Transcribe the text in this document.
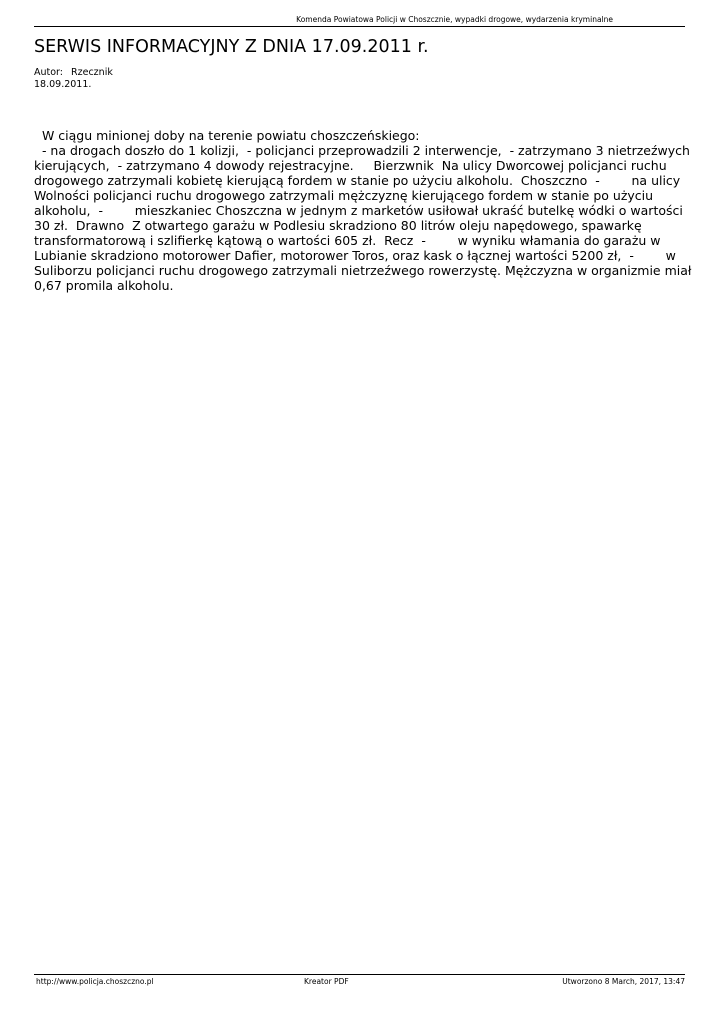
Komenda Powiatowa Policji w Choszcznie, wypadki drogowe, wydarzenia kryminalne
SERWIS INFORMACYJNY Z DNIA 17.09.2011 r.
Autor: Rzecznik
18.09.2011.
W ciągu minionej doby na terenie powiatu choszczeńskiego:
- na drogach doszło do 1 kolizji,  - policjanci przeprowadzili 2 interwencje,  - zatrzymano 3 nietrzeźwych
kierujących,  - zatrzymano 4 dowody rejestracyjne.     Bierzwnik  Na ulicy Dworcowej policjanci ruchu
drogowego zatrzymali kobietę kierującą fordem w stanie po użyciu alkoholu.  Choszczno  -        na ulicy
Wolności policjanci ruchu drogowego zatrzymali mężczyznę kierującego fordem w stanie po użyciu
alkoholu,  -        mieszkaniec Choszczna w jednym z marketów usiłował ukraść butelkę wódki o wartości
30 zł.  Drawno  Z otwartego garażu w Podlesiu skradziono 80 litrów oleju napędowego, spawarkę
transformatorową i szlifierkę kątową o wartości 605 zł.  Recz  -        w wyniku włamania do garażu w
Lubianie skradziono motorower Dafier, motorower Toros, oraz kask o łącznej wartości 5200 zł,  -        w
Suliborzu policjanci ruchu drogowego zatrzymali nietrzeźwego rowerzystę. Mężczyzna w organizmie miał
0,67 promila alkoholu.
http://www.policja.choszczno.pl	Kreator PDF	Utworzono 8 March, 2017, 13:47
